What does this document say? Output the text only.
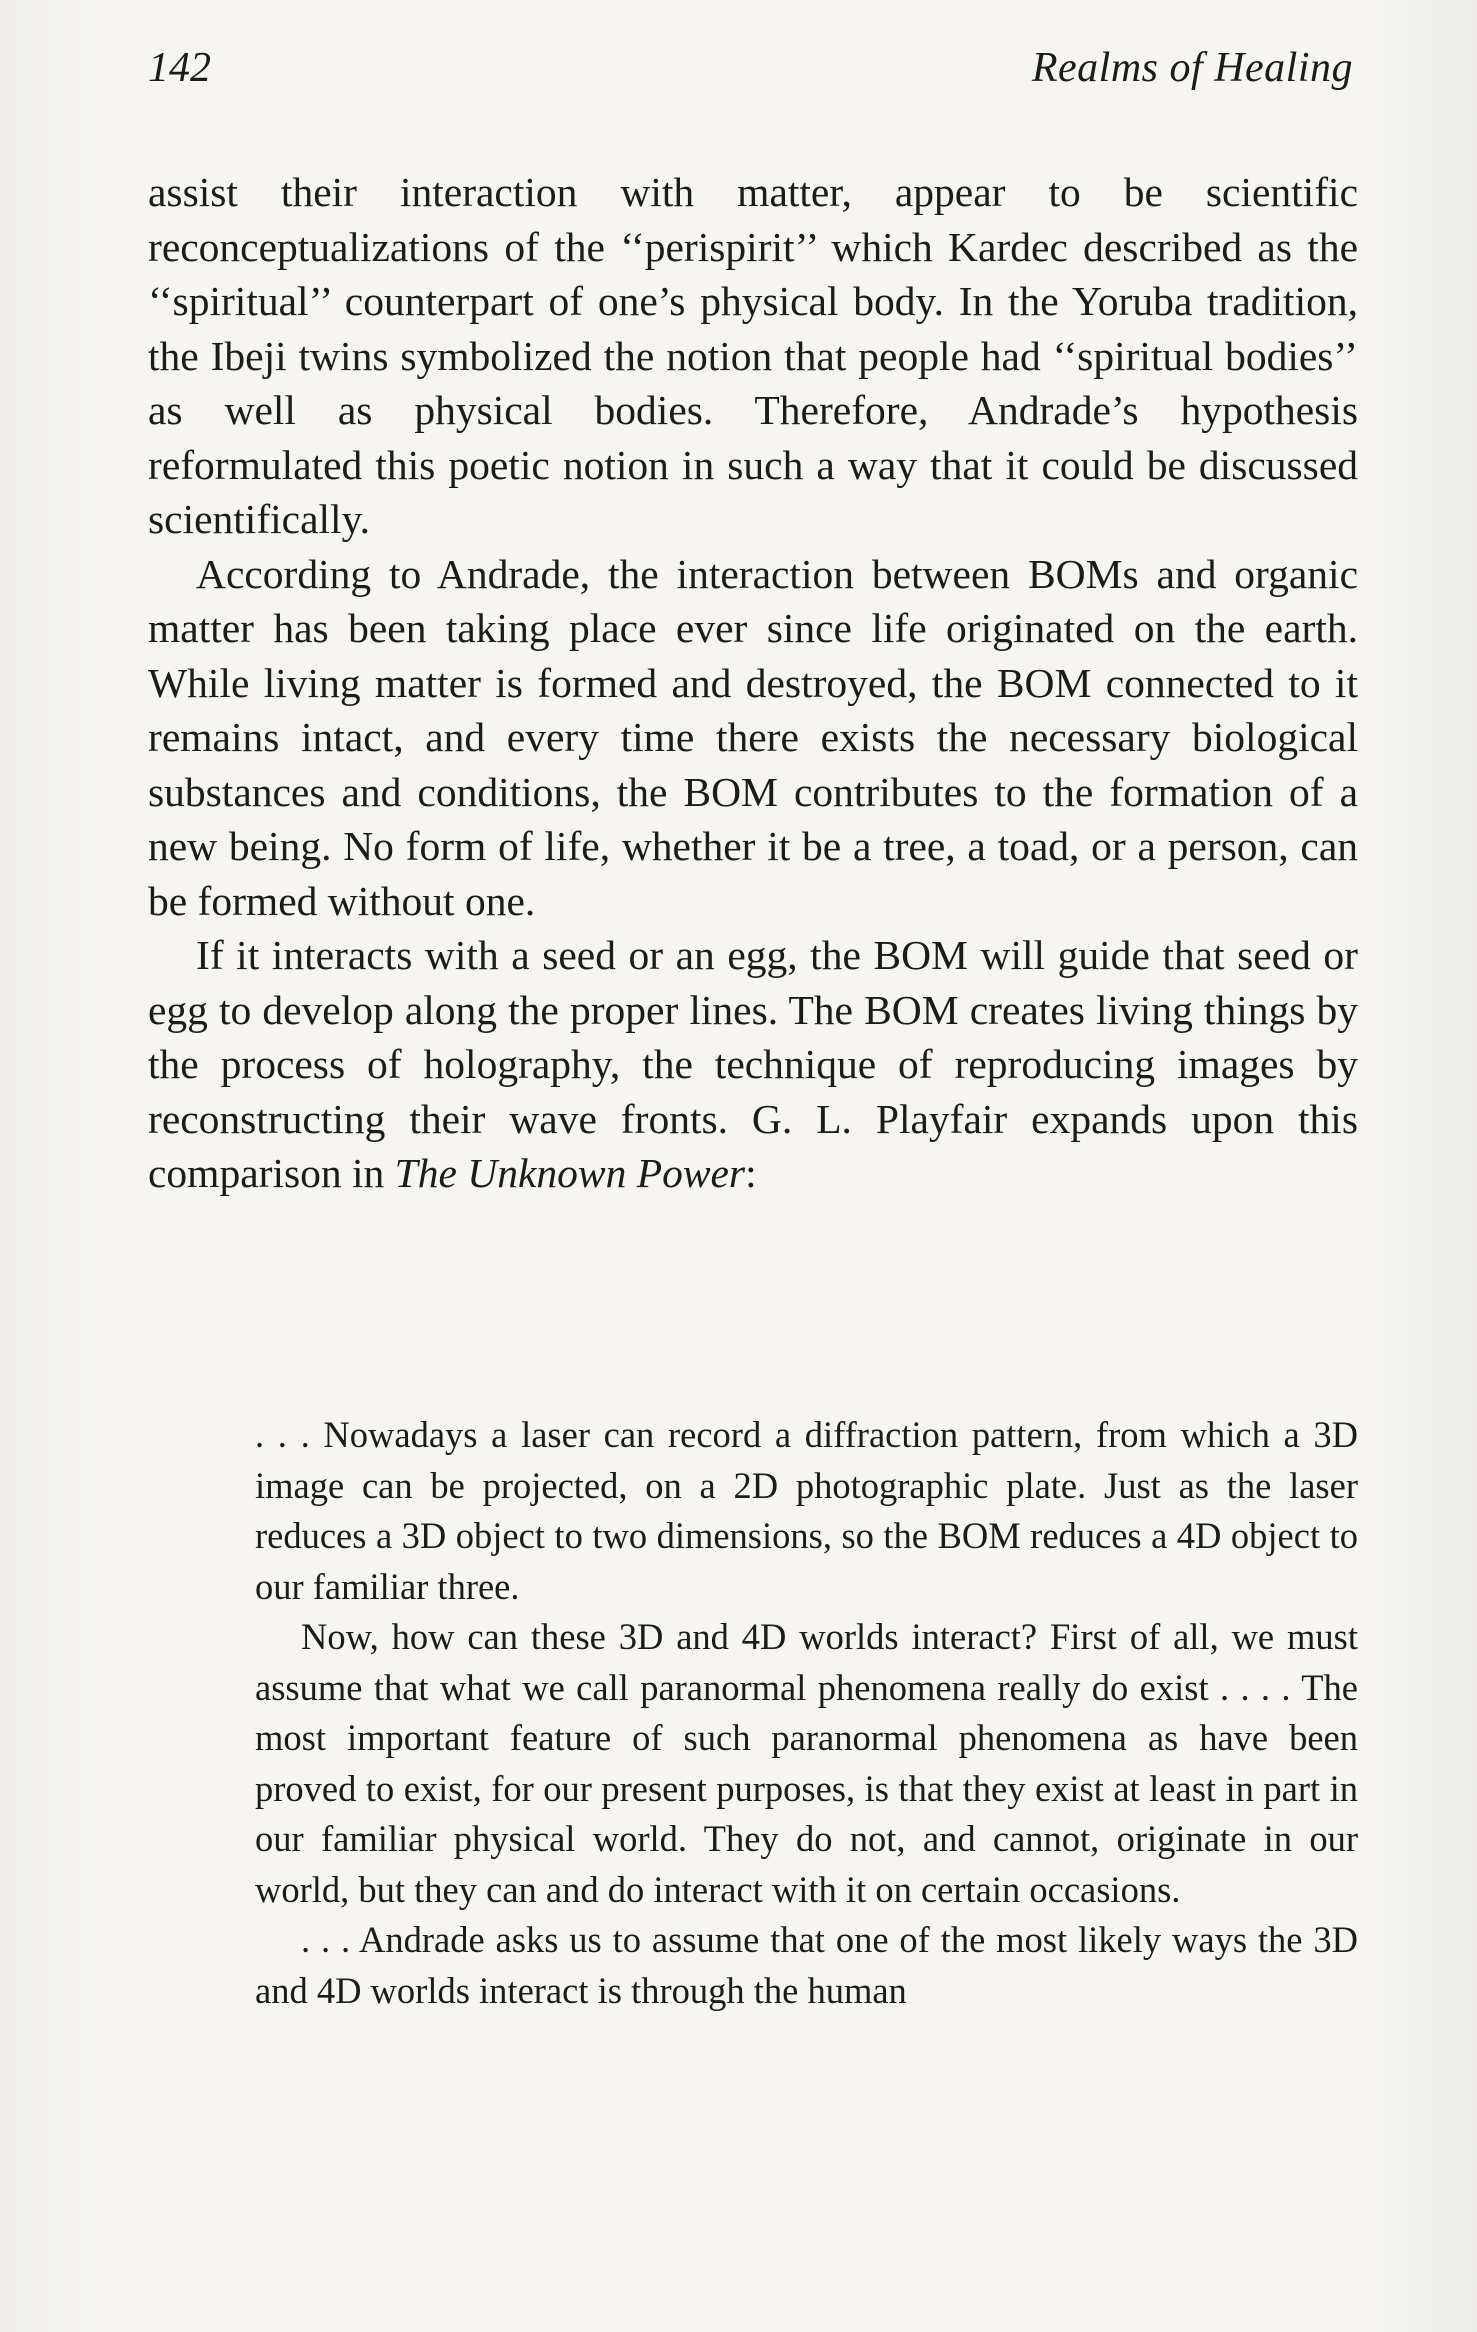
142	Realms of Healing

assist their interaction with matter, appear to be scientific reconceptualizations of the ‘‘perispirit’’ which Kardec described as the ‘‘spiritual’’ counterpart of one’s physical body. In the Yoruba tradition, the Ibeji twins symbolized the notion that people had ‘‘spiritual bodies’’ as well as physical bodies. Therefore, Andrade’s hypothesis reformulated this poetic notion in such a way that it could be discussed scientifically.

According to Andrade, the interaction between BOMs and organic matter has been taking place ever since life originated on the earth. While living matter is formed and destroyed, the BOM connected to it remains intact, and every time there exists the necessary biological substances and conditions, the BOM contributes to the formation of a new being. No form of life, whether it be a tree, a toad, or a person, can be formed without one.

If it interacts with a seed or an egg, the BOM will guide that seed or egg to develop along the proper lines. The BOM creates living things by the process of holography, the technique of reproducing images by reconstructing their wave fronts. G. L. Playfair expands upon this comparison in The Unknown Power:

. . . Nowadays a laser can record a diffraction pattern, from which a 3D image can be projected, on a 2D photographic plate. Just as the laser reduces a 3D object to two dimensions, so the BOM reduces a 4D object to our familiar three.

Now, how can these 3D and 4D worlds interact? First of all, we must assume that what we call paranormal phenomena really do exist . . . . The most important feature of such paranormal phenomena as have been proved to exist, for our present purposes, is that they exist at least in part in our familiar physical world. They do not, and cannot, originate in our world, but they can and do interact with it on certain occasions.

. . . Andrade asks us to assume that one of the most likely ways the 3D and 4D worlds interact is through the human
